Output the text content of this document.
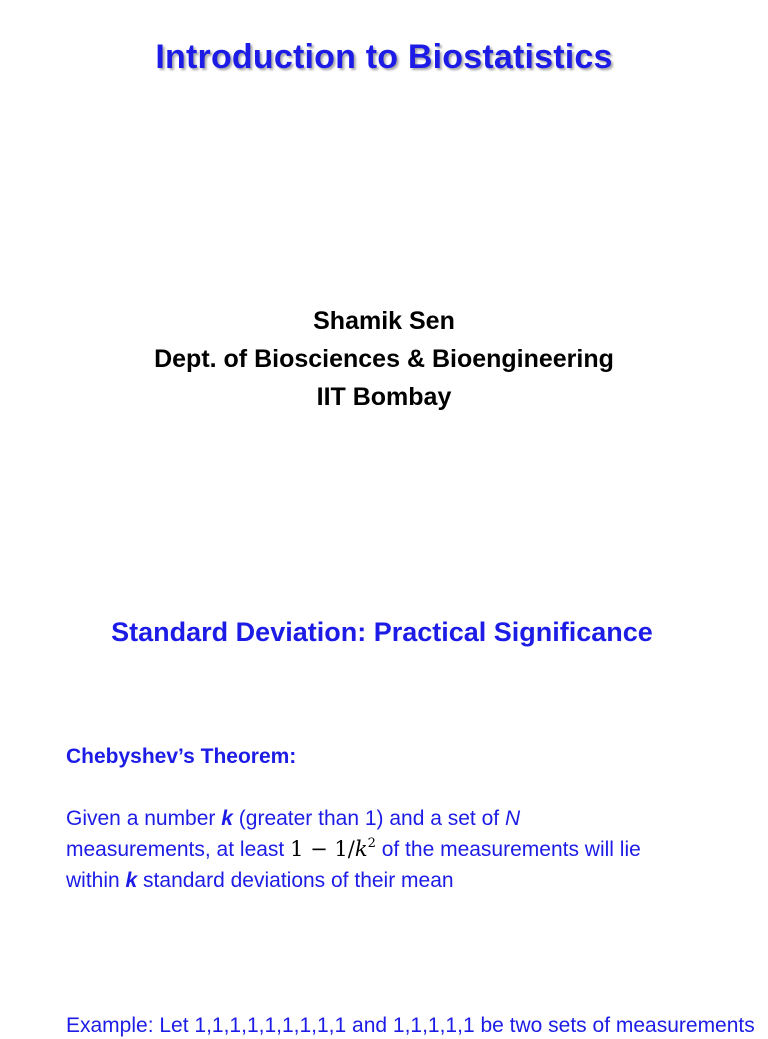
Introduction to Biostatistics
Shamik Sen
Dept. of Biosciences & Bioengineering
IIT Bombay
Standard Deviation: Practical Significance
Chebyshev’s Theorem:
Given a number k (greater than 1) and a set of N
measurements, at least $1 - 1/k^2$ of the measurements will lie
within k standard deviations of their mean
Example: Let 1,1,1,1,1,1,1,1,1 and 1,1,1,1,1 be two sets of measurements
